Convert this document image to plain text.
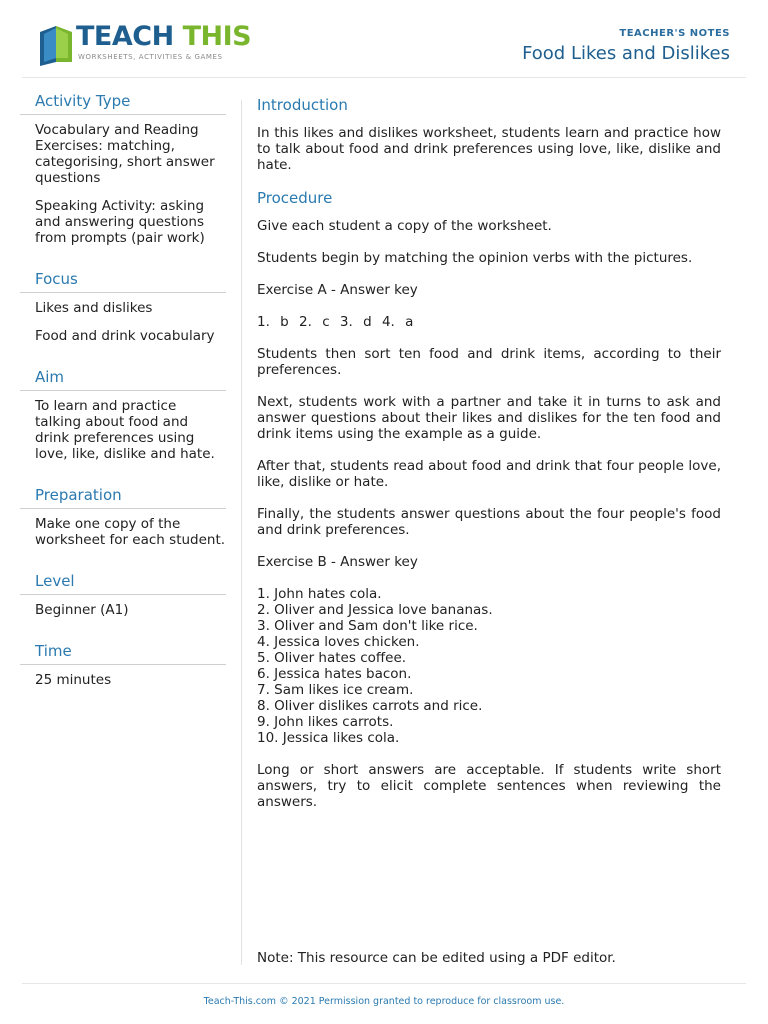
TEACH THIS
WORKSHEETS, ACTIVITIES & GAMES
TEACHER'S NOTES
Food Likes and Dislikes
Activity Type
Vocabulary and Reading Exercises: matching, categorising, short answer questions
Speaking Activity: asking and answering questions from prompts (pair work)
Focus
Likes and dislikes
Food and drink vocabulary
Aim
To learn and practice talking about food and drink preferences using love, like, dislike and hate.
Preparation
Make one copy of the worksheet for each student.
Level
Beginner (A1)
Time
25 minutes
Introduction

In this likes and dislikes worksheet, students learn and practice how to talk about food and drink preferences using love, like, dislike and hate.

Procedure

Give each student a copy of the worksheet.

Students begin by matching the opinion verbs with the pictures.

Exercise A - Answer key

1. b 2. c 3. d 4. a

Students then sort ten food and drink items, according to their preferences.

Next, students work with a partner and take it in turns to ask and answer questions about their likes and dislikes for the ten food and drink items using the example as a guide.

After that, students read about food and drink that four people love, like, dislike or hate.

Finally, the students answer questions about the four people's food and drink preferences.

Exercise B - Answer key

1. John hates cola.
2. Oliver and Jessica love bananas.
3. Oliver and Sam don't like rice.
4. Jessica loves chicken.
5. Oliver hates coffee.
6. Jessica hates bacon.
7. Sam likes ice cream.
8. Oliver dislikes carrots and rice.
9. John likes carrots.
10. Jessica likes cola.

Long or short answers are acceptable. If students write short answers, try to elicit complete sentences when reviewing the answers.

Note: This resource can be edited using a PDF editor.
Teach-This.com © 2021 Permission granted to reproduce for classroom use.
